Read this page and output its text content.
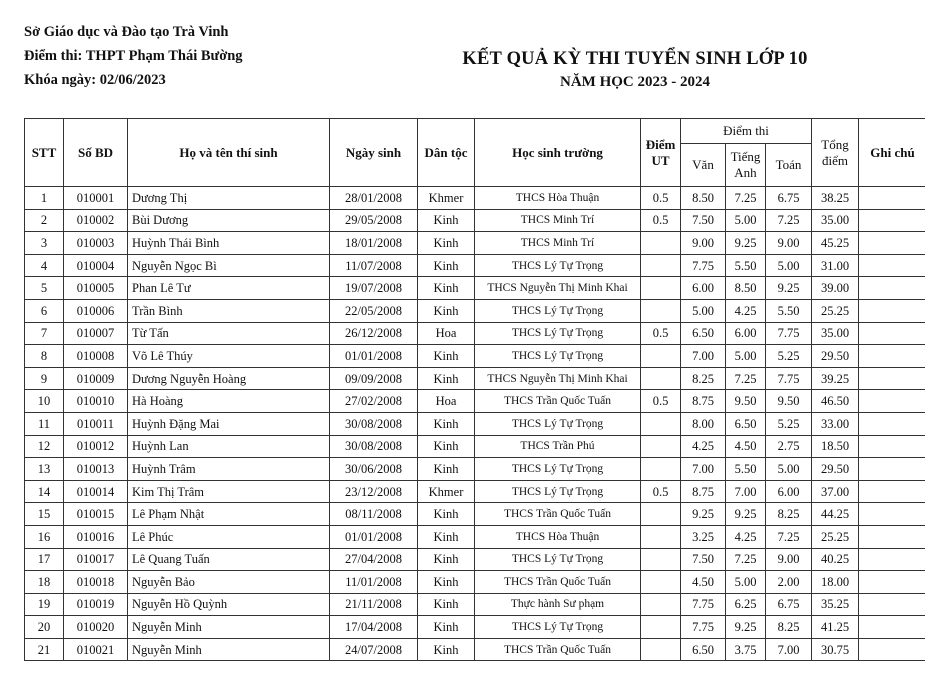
Sở Giáo dục và Đào tạo Trà Vinh
Điểm thi: THPT Phạm Thái Bường
Khóa ngày: 02/06/2023
KẾT QUẢ KỲ THI TUYỂN SINH LỚP 10
NĂM HỌC 2023 - 2024
STT	Số BD	Họ và tên thí sinh	Ngày sinh	Dân tộc	Học sinh trường	Điểm UT	Điểm thi			Tổng điểm	Ghi chú
							Văn	Tiếng Anh	Toán		
1	010001	Dương Thị	28/01/2008	Khmer	THCS Hòa Thuận	0.5	8.50	7.25	6.75	38.25	
2	010002	Bùi Dương	29/05/2008	Kinh	THCS Minh Trí	0.5	7.50	5.00	7.25	35.00	
3	010003	Huỳnh Thái Bình	18/01/2008	Kinh	THCS Minh Trí		9.00	9.25	9.00	45.25	
4	010004	Nguyễn Ngọc Bì	11/07/2008	Kinh	THCS Lý Tự Trọng		7.75	5.50	5.00	31.00	
5	010005	Phan Lê Tư	19/07/2008	Kinh	THCS Nguyễn Thị Minh Khai		6.00	8.50	9.25	39.00	
6	010006	Trần Bình	22/05/2008	Kinh	THCS Lý Tự Trọng		5.00	4.25	5.50	25.25	
7	010007	Từ Tấn	26/12/2008	Hoa	THCS Lý Tự Trọng	0.5	6.50	6.00	7.75	35.00	
8	010008	Võ Lê Thúy	01/01/2008	Kinh	THCS Lý Tự Trọng		7.00	5.00	5.25	29.50	
9	010009	Dương Nguyễn Hoàng	09/09/2008	Kinh	THCS Nguyễn Thị Minh Khai		8.25	7.25	7.75	39.25	
10	010010	Hà Hoàng	27/02/2008	Hoa	THCS Trần Quốc Tuấn	0.5	8.75	9.50	9.50	46.50	
11	010011	Huỳnh Đặng Mai	30/08/2008	Kinh	THCS Lý Tự Trọng		8.00	6.50	5.25	33.00	
12	010012	Huỳnh Lan	30/08/2008	Kinh	THCS Trần Phú		4.25	4.50	2.75	18.50	
13	010013	Huỳnh Trâm	30/06/2008	Kinh	THCS Lý Tự Trọng		7.00	5.50	5.00	29.50	
14	010014	Kim Thị Trâm	23/12/2008	Khmer	THCS Lý Tự Trọng	0.5	8.75	7.00	6.00	37.00	
15	010015	Lê Phạm Nhật	08/11/2008	Kinh	THCS Trần Quốc Tuấn		9.25	9.25	8.25	44.25	
16	010016	Lê Phúc	01/01/2008	Kinh	THCS Hòa Thuận		3.25	4.25	7.25	25.25	
17	010017	Lê Quang Tuấn	27/04/2008	Kinh	THCS Lý Tự Trọng		7.50	7.25	9.00	40.25	
18	010018	Nguyễn Bảo	11/01/2008	Kinh	THCS Trần Quốc Tuấn		4.50	5.00	2.00	18.00	
19	010019	Nguyễn Hồ Quỳnh	21/11/2008	Kinh	Thực hành Sư phạm		7.75	6.25	6.75	35.25	
20	010020	Nguyễn Minh	17/04/2008	Kinh	THCS Lý Tự Trọng		7.75	9.25	8.25	41.25	
21	010021	Nguyễn Minh	24/07/2008	Kinh	THCS Trần Quốc Tuấn		6.50	3.75	7.00	30.75	
